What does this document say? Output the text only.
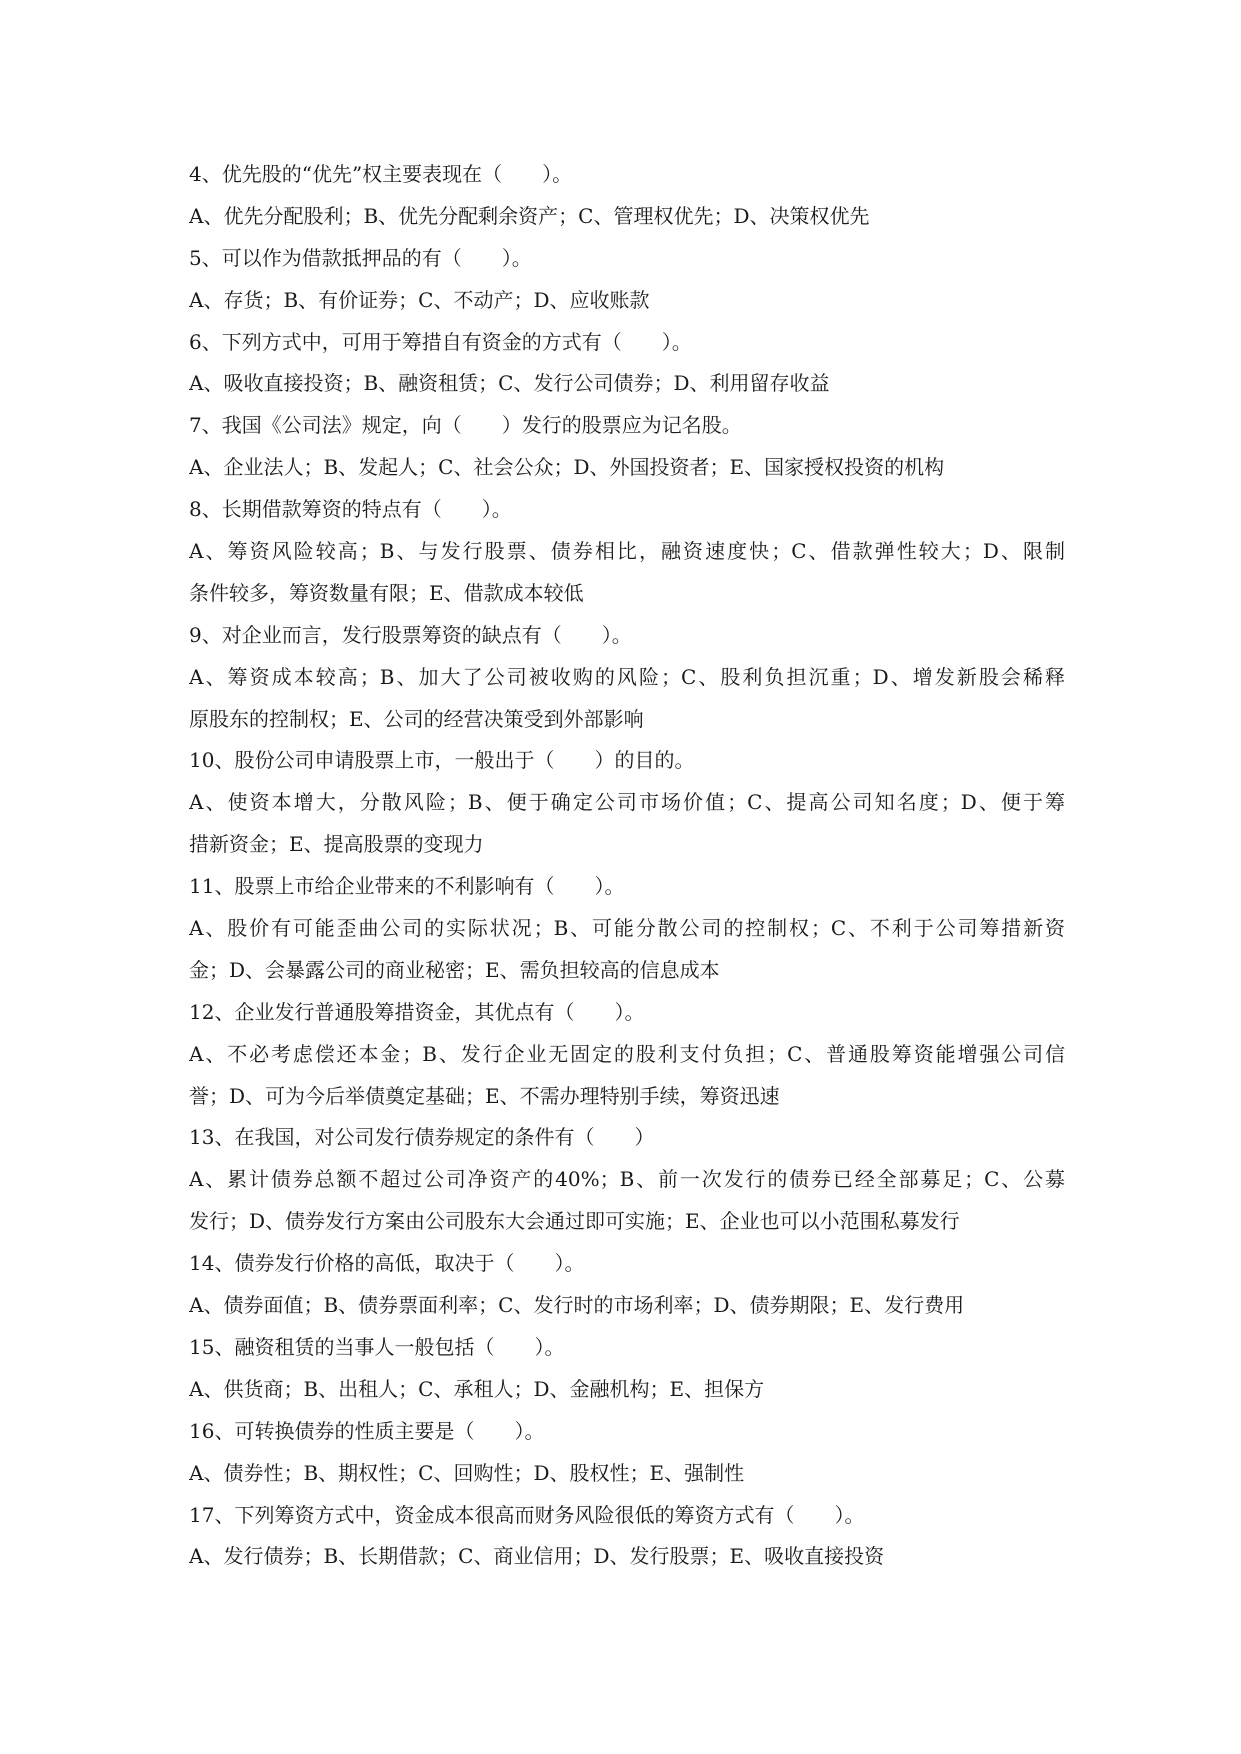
4、优先股的“优先”权主要表现在（　　）。

A、优先分配股利；B、优先分配剩余资产；C、管理权优先；D、决策权优先

5、可以作为借款抵押品的有（　　）。

A、存货；B、有价证券；C、不动产；D、应收账款

6、下列方式中，可用于筹措自有资金的方式有（　　）。

A、吸收直接投资；B、融资租赁；C、发行公司债券；D、利用留存收益

7、我国《公司法》规定，向（　　）发行的股票应为记名股。

A、企业法人；B、发起人；C、社会公众；D、外国投资者；E、国家授权投资的机构

8、长期借款筹资的特点有（　　）。

A、筹资风险较高；B、与发行股票、债券相比，融资速度快；C、借款弹性较大；D、限制

条件较多，筹资数量有限；E、借款成本较低

9、对企业而言，发行股票筹资的缺点有（　　）。

A、筹资成本较高；B、加大了公司被收购的风险；C、股利负担沉重；D、增发新股会稀释

原股东的控制权；E、公司的经营决策受到外部影响

10、股份公司申请股票上市，一般出于（　　）的目的。

A、使资本增大，分散风险；B、便于确定公司市场价值；C、提高公司知名度；D、便于筹

措新资金；E、提高股票的变现力

11、股票上市给企业带来的不利影响有（　　）。

A、股价有可能歪曲公司的实际状况；B、可能分散公司的控制权；C、不利于公司筹措新资

金；D、会暴露公司的商业秘密；E、需负担较高的信息成本

12、企业发行普通股筹措资金，其优点有（　　）。

A、不必考虑偿还本金；B、发行企业无固定的股利支付负担；C、普通股筹资能增强公司信

誉；D、可为今后举债奠定基础；E、不需办理特别手续，筹资迅速

13、在我国，对公司发行债券规定的条件有（　　）

A、累计债券总额不超过公司净资产的40%；B、前一次发行的债券已经全部募足；C、公募

发行；D、债券发行方案由公司股东大会通过即可实施；E、企业也可以小范围私募发行

14、债券发行价格的高低，取决于（　　）。

A、债券面值；B、债券票面利率；C、发行时的市场利率；D、债券期限；E、发行费用

15、融资租赁的当事人一般包括（　　）。

A、供货商；B、出租人；C、承租人；D、金融机构；E、担保方

16、可转换债券的性质主要是（　　）。

A、债券性；B、期权性；C、回购性；D、股权性；E、强制性

17、下列筹资方式中，资金成本很高而财务风险很低的筹资方式有（　　）。

A、发行债券；B、长期借款；C、商业信用；D、发行股票；E、吸收直接投资
